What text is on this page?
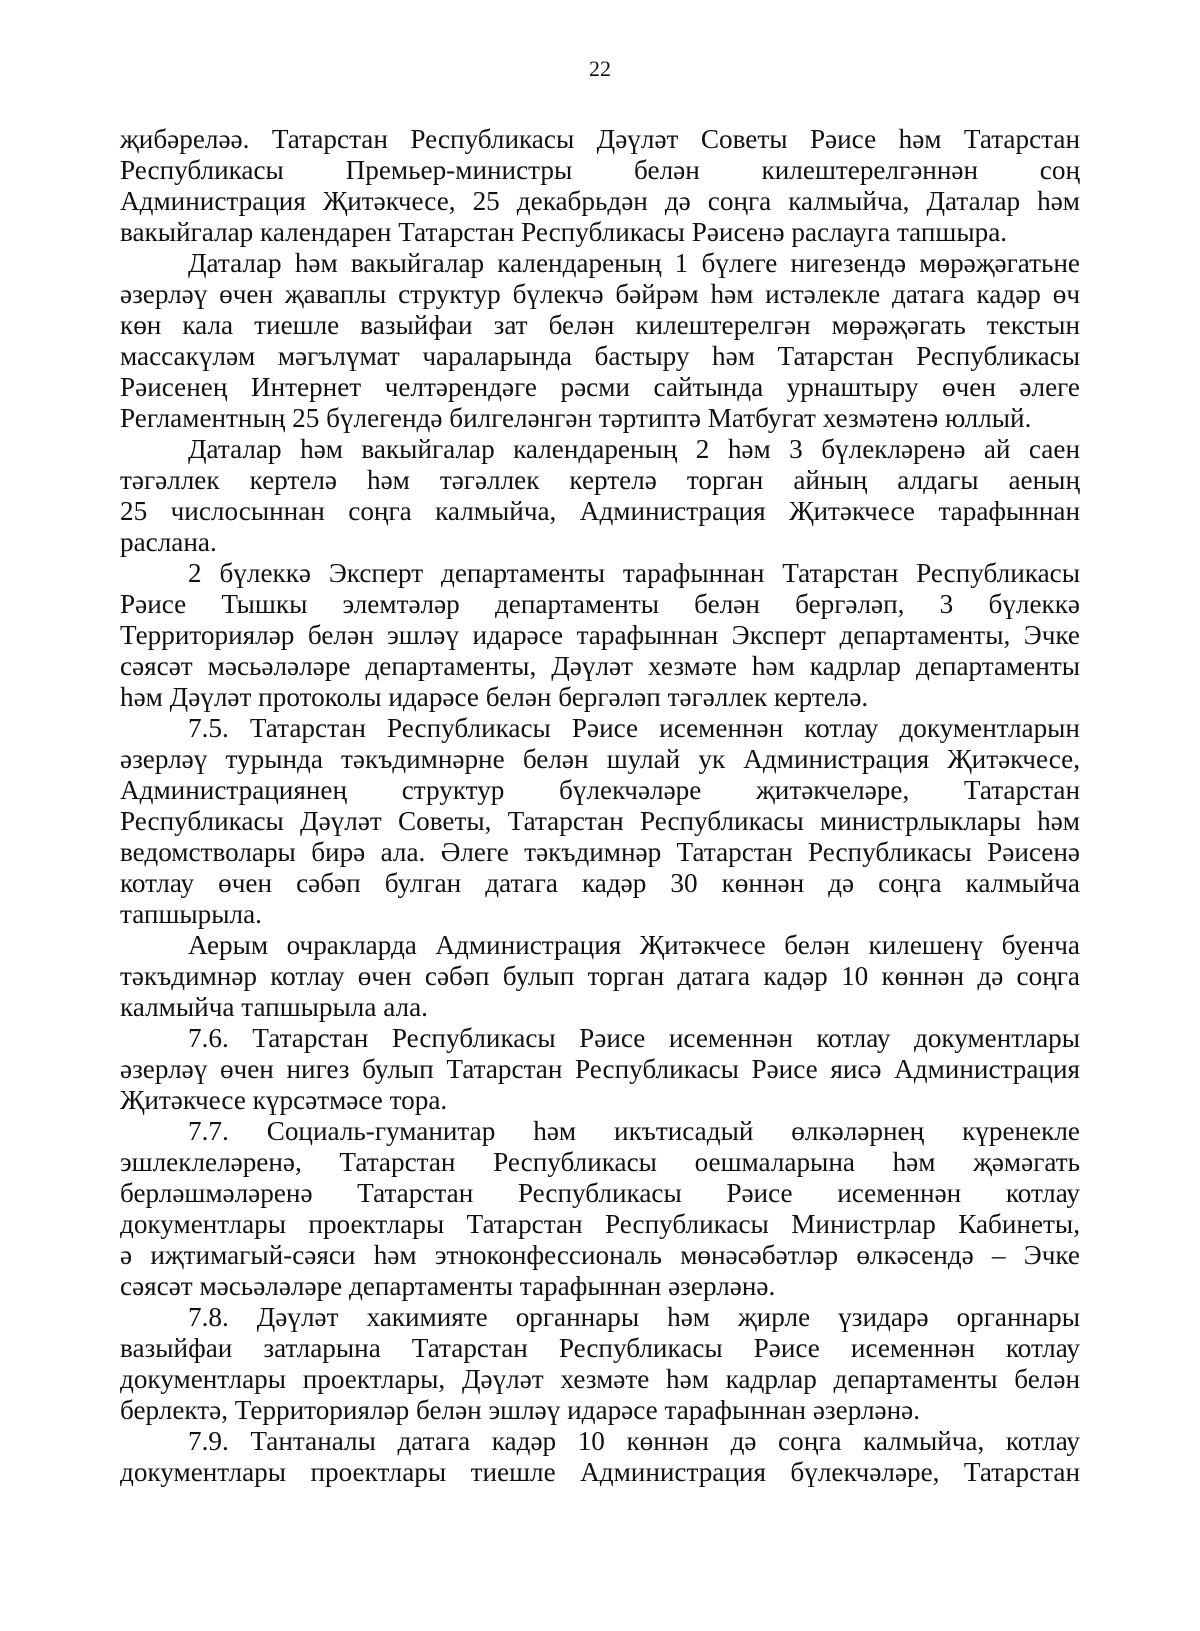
22
җибәреләә. Татарстан Республикасы Дәүләт Советы Рәисе һәм Татарстан
Республикасы Премьер-министры белән килештерелгәннән соң
Администрация Җитәкчесе, 25 декабрьдән дә соңга калмыйча, Даталар һәм
вакыйгалар календарен Татарстан Республикасы Рәисенә раслауга тапшыра.
Даталар һәм вакыйгалар календареның 1 бүлеге нигезендә мөрәҗәгатьне
әзерләү өчен җаваплы структур бүлекчә бәйрәм һәм истәлекле датага кадәр өч
көн кала тиешле вазыйфаи зат белән килештерелгән мөрәҗәгать текстын
массакүләм мәгълүмат чараларында бастыру һәм Татарстан Республикасы
Рәисенең Интернет челтәрендәге рәсми сайтында урнаштыру өчен әлеге
Регламентның 25 бүлегендә билгеләнгән тәртиптә Матбугат хезмәтенә юллый.
Даталар һәм вакыйгалар календареның 2 һәм 3 бүлекләренә ай саен
тәгәллек кертелә һәм тәгәллек кертелә торган айның алдагы аеның
25 числосыннан соңга калмыйча, Администрация Җитәкчесе тарафыннан
раслана.
2 бүлеккә Эксперт департаменты тарафыннан Татарстан Республикасы
Рәисе Тышкы элемтәләр департаменты белән бергәләп, 3 бүлеккә
Территорияләр белән эшләү идарәсе тарафыннан Эксперт департаменты, Эчке
сәясәт мәсьәләләре департаменты, Дәүләт хезмәте һәм кадрлар департаменты
һәм Дәүләт протоколы идарәсе белән бергәләп тәгәллек кертелә.
7.5. Татарстан Республикасы Рәисе исеменнән котлау документларын
әзерләү турында тәкъдимнәрне белән шулай ук Администрация Җитәкчесе,
Администрациянең структур бүлекчәләре җитәкчеләре, Татарстан
Республикасы Дәүләт Советы, Татарстан Республикасы министрлыклары һәм
ведомстволары бирә ала. Әлеге тәкъдимнәр Татарстан Республикасы Рәисенә
котлау өчен сәбәп булган датага кадәр 30 көннән дә соңга калмыйча
тапшырыла.
Аерым очракларда Администрация Җитәкчесе белән килешенү буенча
тәкъдимнәр котлау өчен сәбәп булып торган датага кадәр 10 көннән дә соңга
калмыйча тапшырыла ала.
7.6. Татарстан Республикасы Рәисе исеменнән котлау документлары
әзерләү өчен нигез булып Татарстан Республикасы Рәисе яисә Администрация
Җитәкчесе күрсәтмәсе тора.
7.7. Социаль-гуманитар һәм икътисадый өлкәләрнең күренекле
эшлеклеләренә, Татарстан Республикасы оешмаларына һәм җәмәгать
берләшмәләренә Татарстан Республикасы Рәисе исеменнән котлау
документлары проектлары Татарстан Республикасы Министрлар Кабинеты,
ә иҗтимагый-сәяси һәм этноконфессиональ мөнәсәбәтләр өлкәсендә – Эчке
сәясәт мәсьәләләре департаменты тарафыннан әзерләнә.
7.8. Дәүләт хакимияте органнары һәм җирле үзидарә органнары
вазыйфаи затларына Татарстан Республикасы Рәисе исеменнән котлау
документлары проектлары, Дәүләт хезмәте һәм кадрлар департаменты белән
берлектә, Территорияләр белән эшләү идарәсе тарафыннан әзерләнә.
7.9. Тантаналы датага кадәр 10 көннән дә соңга калмыйча, котлау
документлары проектлары тиешле Администрация бүлекчәләре, Татарстан
